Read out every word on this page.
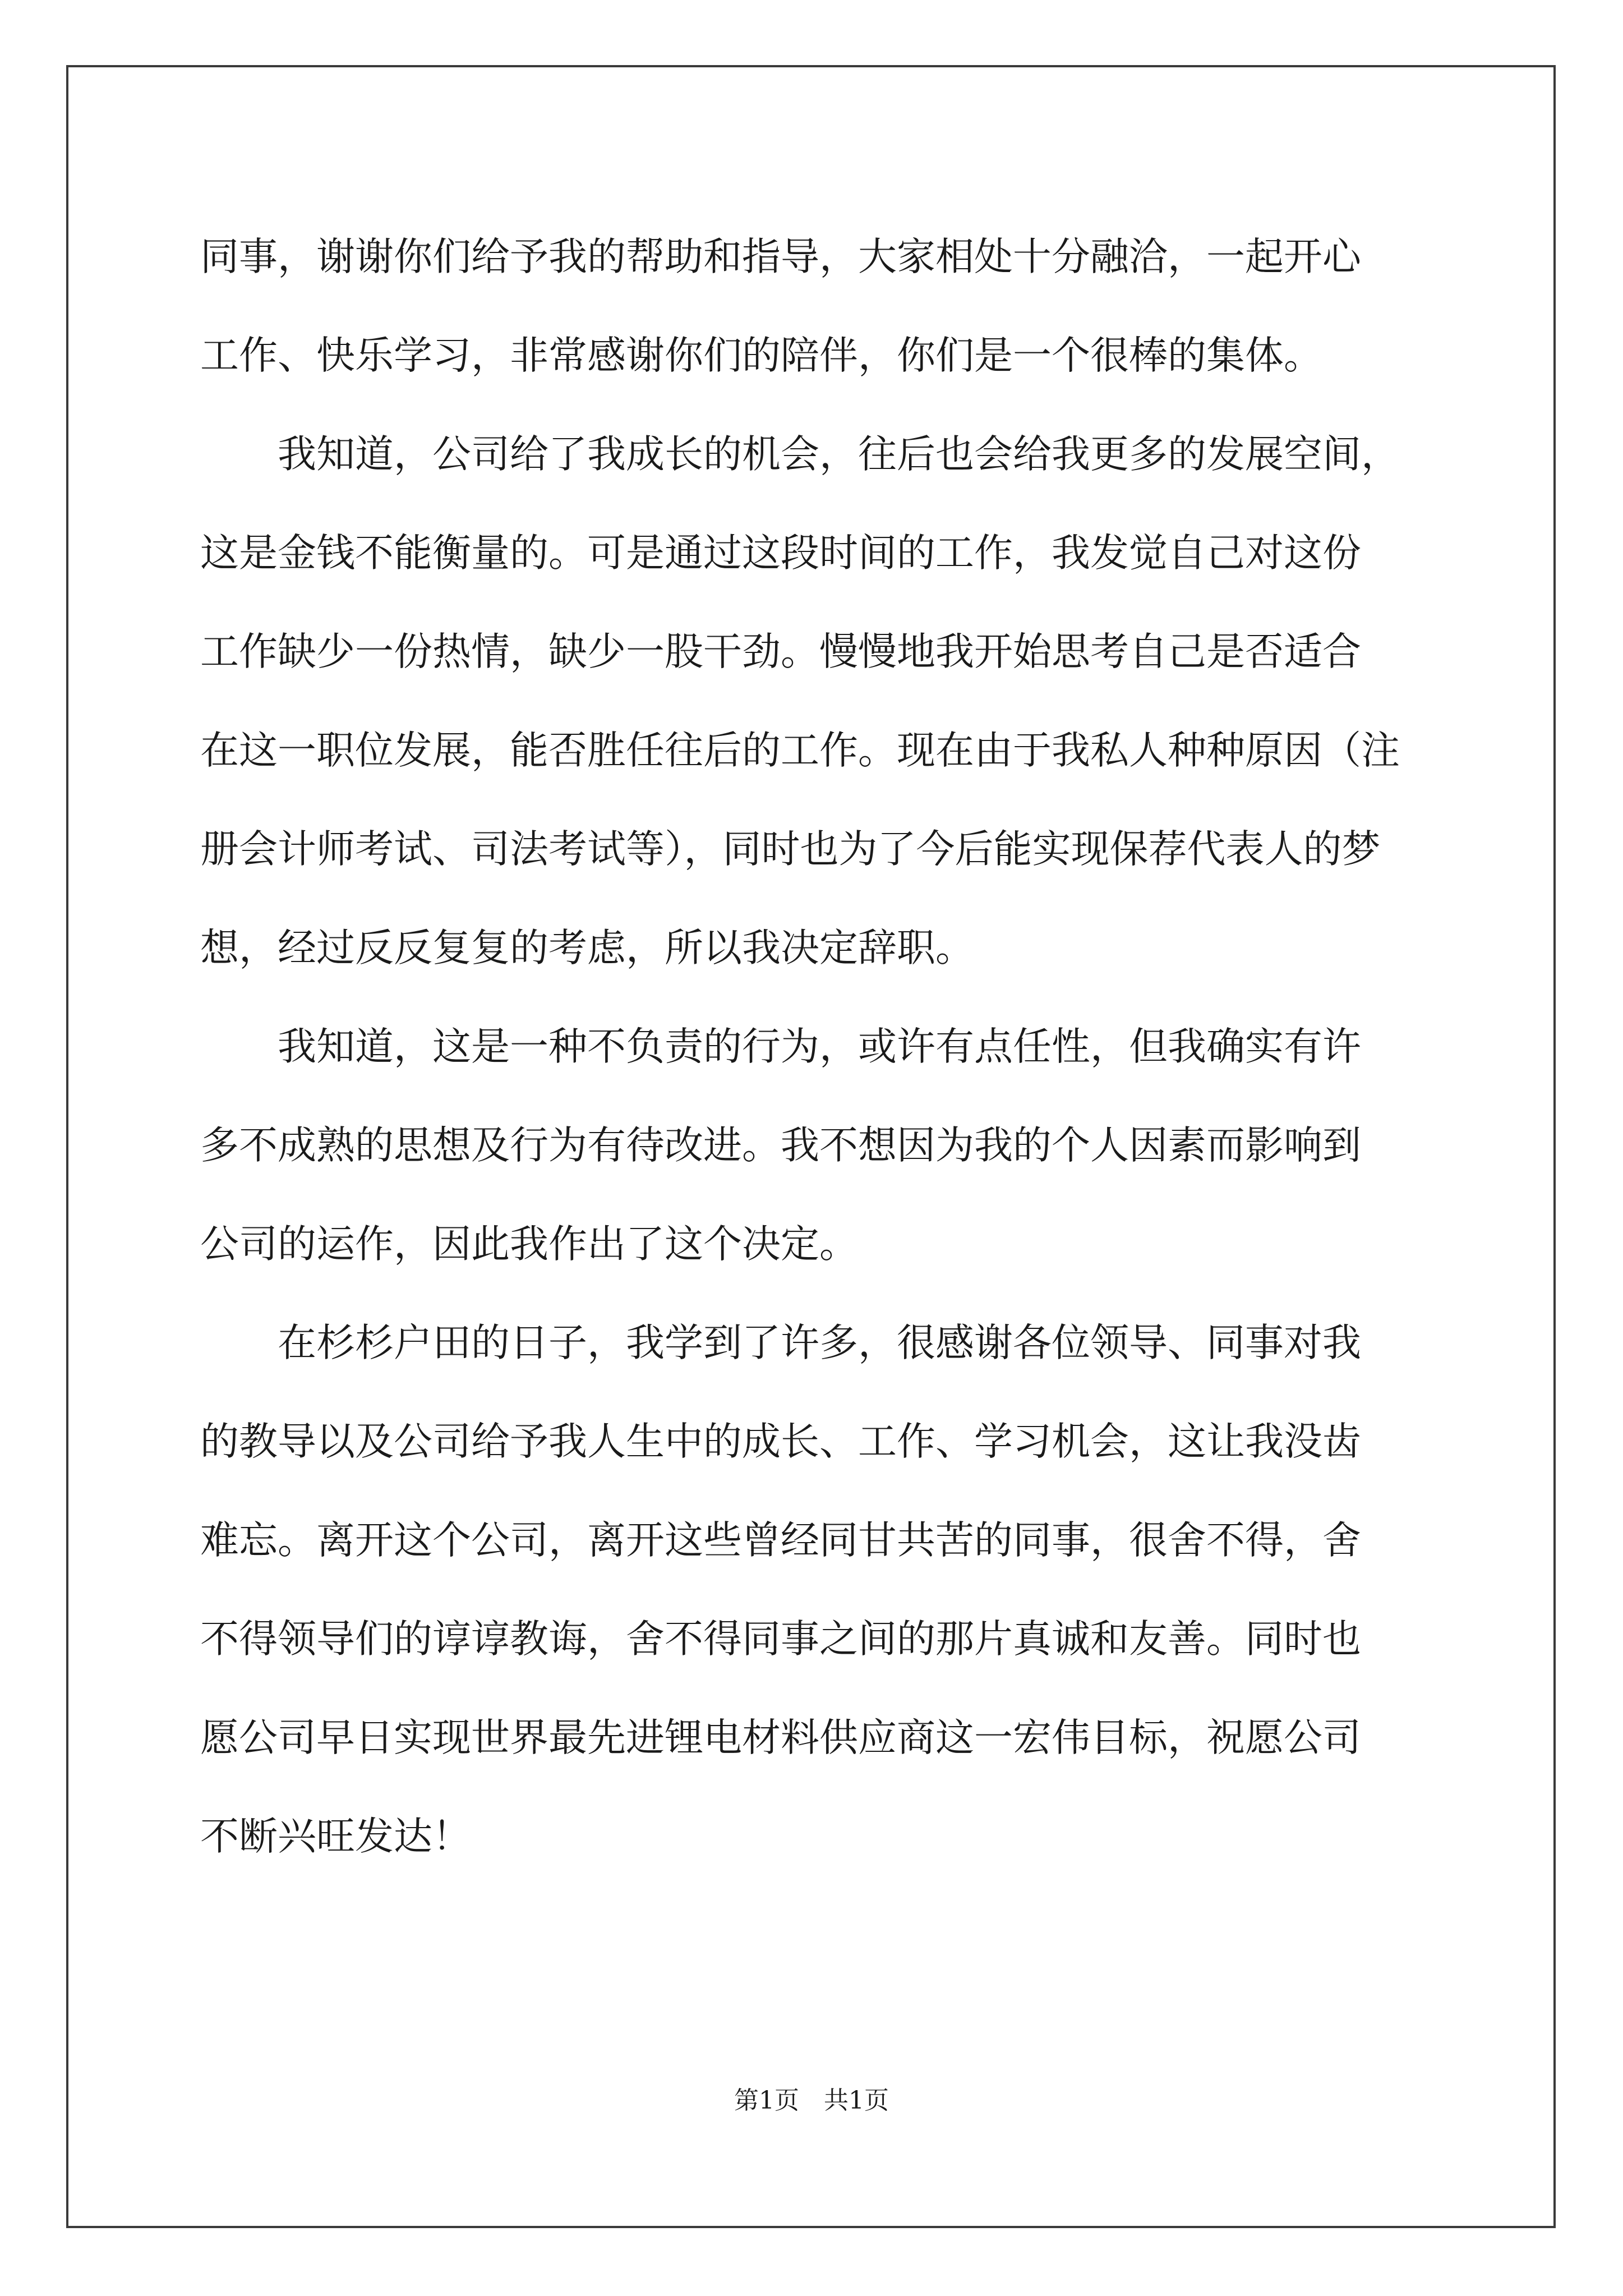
同事，谢谢你们给予我的帮助和指导，大家相处十分融洽，一起开心
工作、快乐学习，非常感谢你们的陪伴，你们是一个很棒的集体。
　　我知道，公司给了我成长的机会，往后也会给我更多的发展空间，
这是金钱不能衡量的。可是通过这段时间的工作，我发觉自己对这份
工作缺少一份热情，缺少一股干劲。慢慢地我开始思考自己是否适合
在这一职位发展，能否胜任往后的工作。现在由于我私人种种原因（注
册会计师考试、司法考试等），同时也为了今后能实现保荐代表人的梦
想，经过反反复复的考虑，所以我决定辞职。
　　我知道，这是一种不负责的行为，或许有点任性，但我确实有许
多不成熟的思想及行为有待改进。我不想因为我的个人因素而影响到
公司的运作，因此我作出了这个决定。
　　在杉杉户田的日子，我学到了许多，很感谢各位领导、同事对我
的教导以及公司给予我人生中的成长、工作、学习机会，这让我没齿
难忘。离开这个公司，离开这些曾经同甘共苦的同事，很舍不得，舍
不得领导们的谆谆教诲，舍不得同事之间的那片真诚和友善。同时也
愿公司早日实现世界最先进锂电材料供应商这一宏伟目标，祝愿公司
不断兴旺发达！
第1页　共1页
